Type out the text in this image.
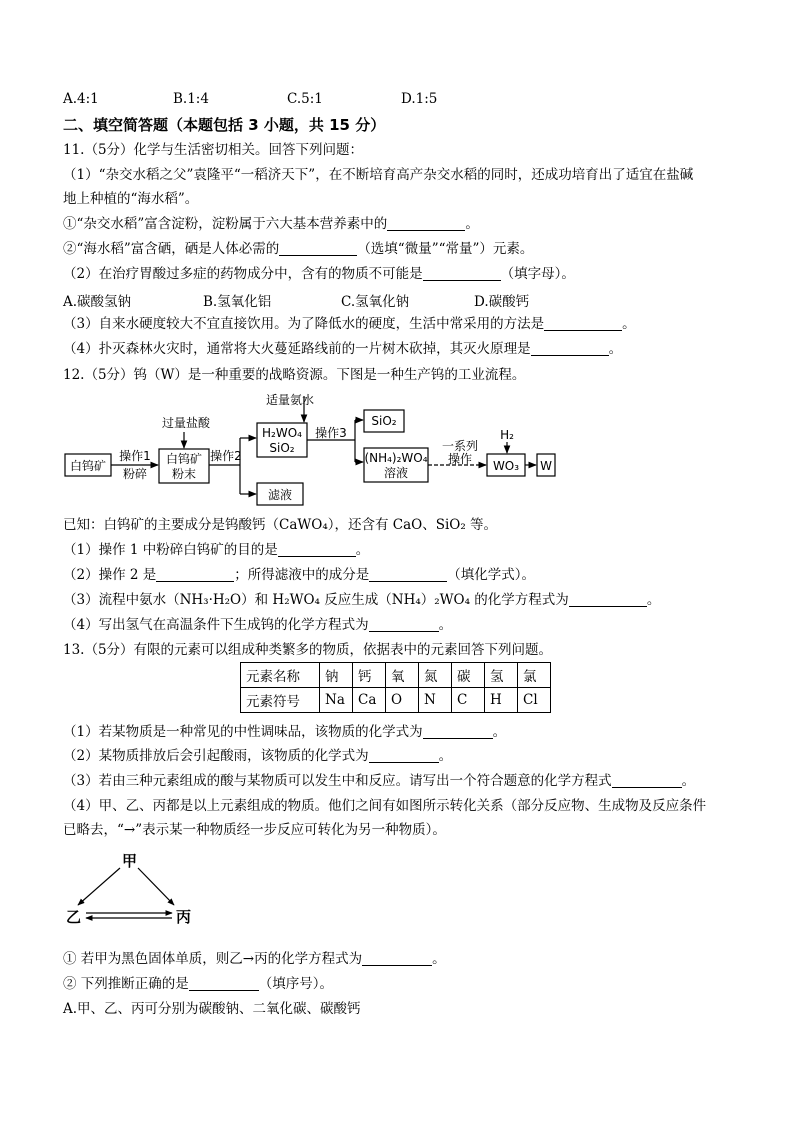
A.4:1	B.1:4	C.5:1	D.1:5
二、填空简答题（本题包括 3 小题，共 15 分）
11.（5分）化学与生活密切相关。回答下列问题：
（1）“杂交水稻之父”袁隆平“一稻济天下”，在不断培育高产杂交水稻的同时，还成功培育出了适宜在盐碱
地上种植的“海水稻”。
①“杂交水稻”富含淀粉，淀粉属于六大基本营养素中的	。
②“海水稻”富含硒，硒是人体必需的	（选填“微量”“常量”）元素。
（2）在治疗胃酸过多症的药物成分中，含有的物质不可能是	（填字母）。
A.碳酸氢钠	B.氢氧化铝	C.氢氧化钠	D.碳酸钙
（3）自来水硬度较大不宜直接饮用。为了降低水的硬度，生活中常采用的方法是	。
（4）扑灭森林火灾时，通常将大火蔓延路线前的一片树木砍掉，其灭火原理是	。
12.（5分）钨（W）是一种重要的战略资源。下图是一种生产钨的工业流程。
白钨矿
操作1
粉碎
白钨矿
粉末
过量盐酸
操作2
H₂WO₄
SiO₂
滤液
适量氨水
操作3
SiO₂
(NH₄)₂WO₄
溶液
一系列
操作
H₂
WO₃ W
已知：白钨矿的主要成分是钨酸钙（CaWO₄），还含有 CaO、SiO₂ 等。
（1）操作 1 中粉碎白钨矿的目的是	。
（2）操作 2 是	；所得滤液中的成分是	（填化学式）。
（3）流程中氨水（NH₃·H₂O）和 H₂WO₄ 反应生成（NH₄）₂WO₄ 的化学方程式为	。
（4）写出氢气在高温条件下生成钨的化学方程式为	。
13.（5分）有限的元素可以组成种类繁多的物质，依据表中的元素回答下列问题。
元素名称	钠	钙	氧	氮	碳	氢	氯
元素符号	Na	Ca	O	N	C	H	Cl
（1）若某物质是一种常见的中性调味品，该物质的化学式为	。
（2）某物质排放后会引起酸雨，该物质的化学式为	。
（3）若由三种元素组成的酸与某物质可以发生中和反应。请写出一个符合题意的化学方程式	。
（4）甲、乙、丙都是以上元素组成的物质。他们之间有如图所示转化关系（部分反应物、生成物及反应条件
已略去，“→”表示某一种物质经一步反应可转化为另一种物质）。
甲
乙	丙
① 若甲为黑色固体单质，则乙→丙的化学方程式为	。
② 下列推断正确的是	（填序号）。
A.甲、乙、丙可分别为碳酸钠、二氧化碳、碳酸钙
